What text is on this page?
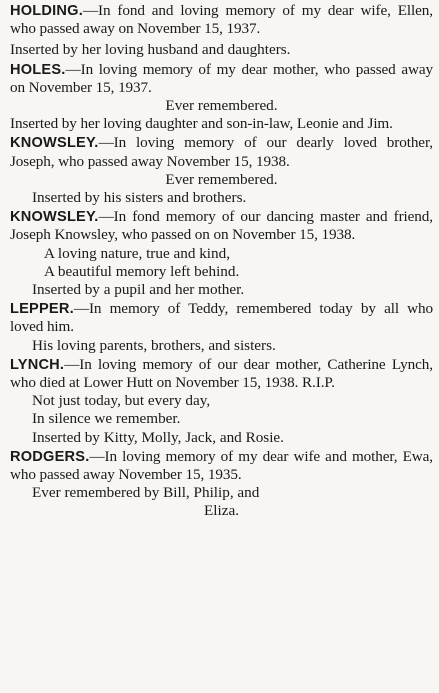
HOLDING.—In fond and loving memory of my dear wife, Ellen, who passed away on November 15, 1937.

Inserted by her loving husband and daughters.

HOLES.—In loving memory of my dear mother, who passed away on November 15, 1937.

Ever remembered.

Inserted by her loving daughter and son-in-law, Leonie and Jim.

KNOWSLEY.—In loving memory of our dearly loved brother, Joseph, who passed away November 15, 1938.

Ever remembered.
Inserted by his sisters and brothers.

KNOWSLEY.—In fond memory of our dancing master and friend, Joseph Knowsley, who passed on on November 15, 1938.

A loving nature, true and kind,
A beautiful memory left behind.
Inserted by a pupil and her mother.

LEPPER.—In memory of Teddy, remembered today by all who loved him.

His loving parents, brothers, and sisters.

LYNCH.—In loving memory of our dear mother, Catherine Lynch, who died at Lower Hutt on November 15, 1938. R.I.P.

Not just today, but every day,
In silence we remember.
Inserted by Kitty, Molly, Jack, and Rosie.

RODGERS.—In loving memory of my dear wife and mother, Ewa, who passed away November 15, 1935.

Ever remembered by Bill, Philip, and
Eliza.
